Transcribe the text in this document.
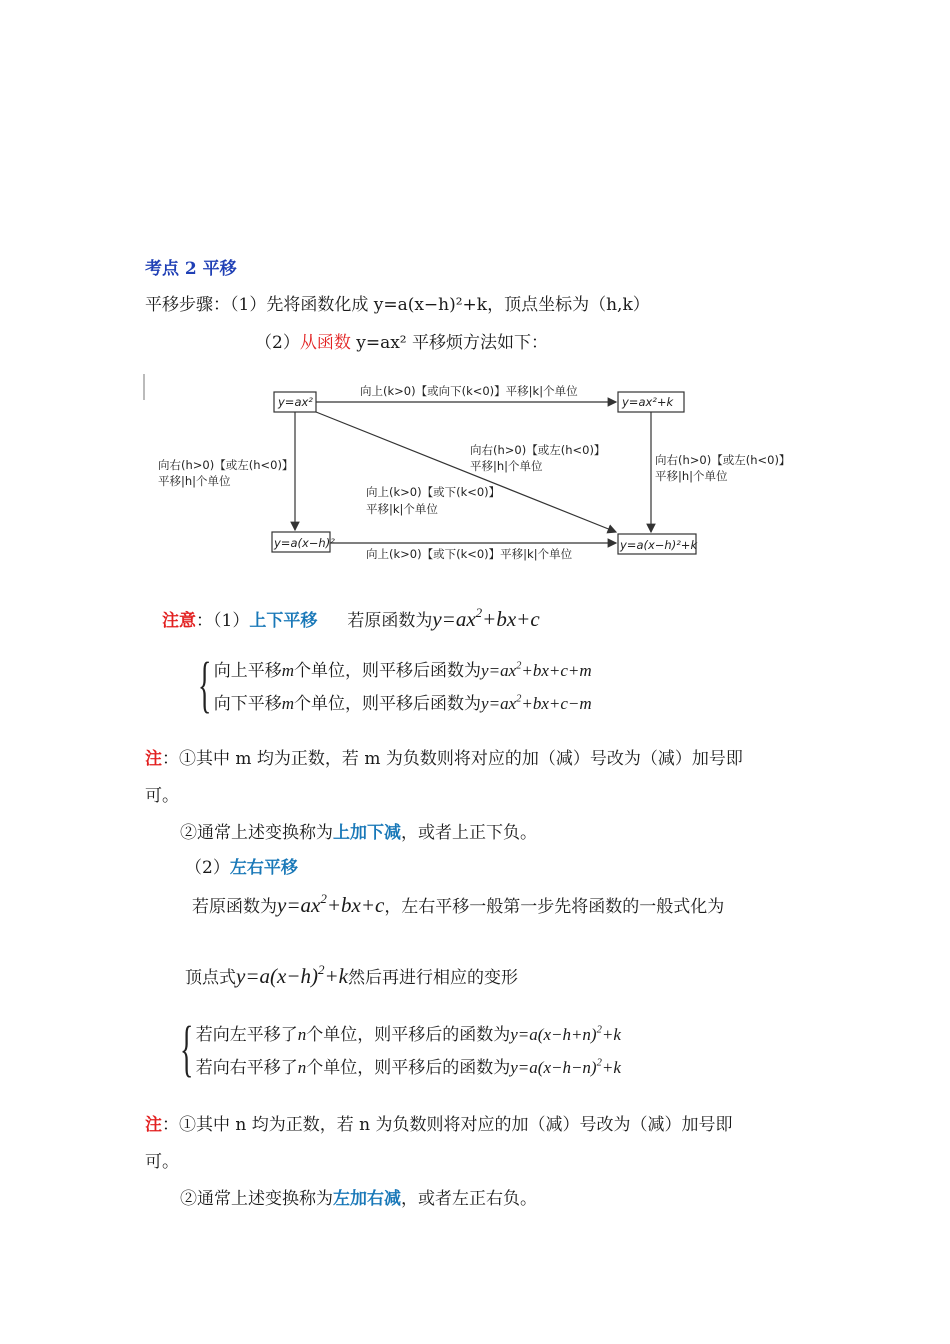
考点 2 平移
平移步骤：（1）先将函数化成 y=a(x−h)²+k，顶点坐标为（h,k）
（2）从函数 y=ax² 平移烦方法如下：
y=ax²	y=ax²+k
y=a(x−h)²	y=a(x−h)²+k
向上(k>0)【或向下(k<0)】平移|k|个单位
向上(k>0)【或下(k<0)】平移|k|个单位
向右(h>0)【或左(h<0)】
平移|h|个单位
向右(h>0)【或左(h<0)】
平移|h|个单位
向右(h>0)【或左(h<0)】
平移|h|个单位
向上(k>0)【或下(k<0)】
平移|k|个单位
注意：（1）上下平移 若原函数为$y=ax^2+bx+c$
{ 向上平移m个单位，则平移后函数为$y=ax^2+bx+c+m$
向下平移m个单位，则平移后函数为$y=ax^2+bx+c-m$
注：①其中 m 均为正数，若 m 为负数则将对应的加（减）号改为（减）加号即
可。
②通常上述变换称为上加下减，或者上正下负。
（2）左右平移
若原函数为$y=ax^2+bx+c$，左右平移一般第一步先将函数的一般式化为
顶点式$y=a(x-h)^2+k$然后再进行相应的变形
{ 若向左平移了n个单位，则平移后的函数为$y=a(x-h+n)^2+k$
若向右平移了n个单位，则平移后的函数为$y=a(x-h-n)^2+k$
注：①其中 n 均为正数，若 n 为负数则将对应的加（减）号改为（减）加号即
可。
②通常上述变换称为左加右减，或者左正右负。
